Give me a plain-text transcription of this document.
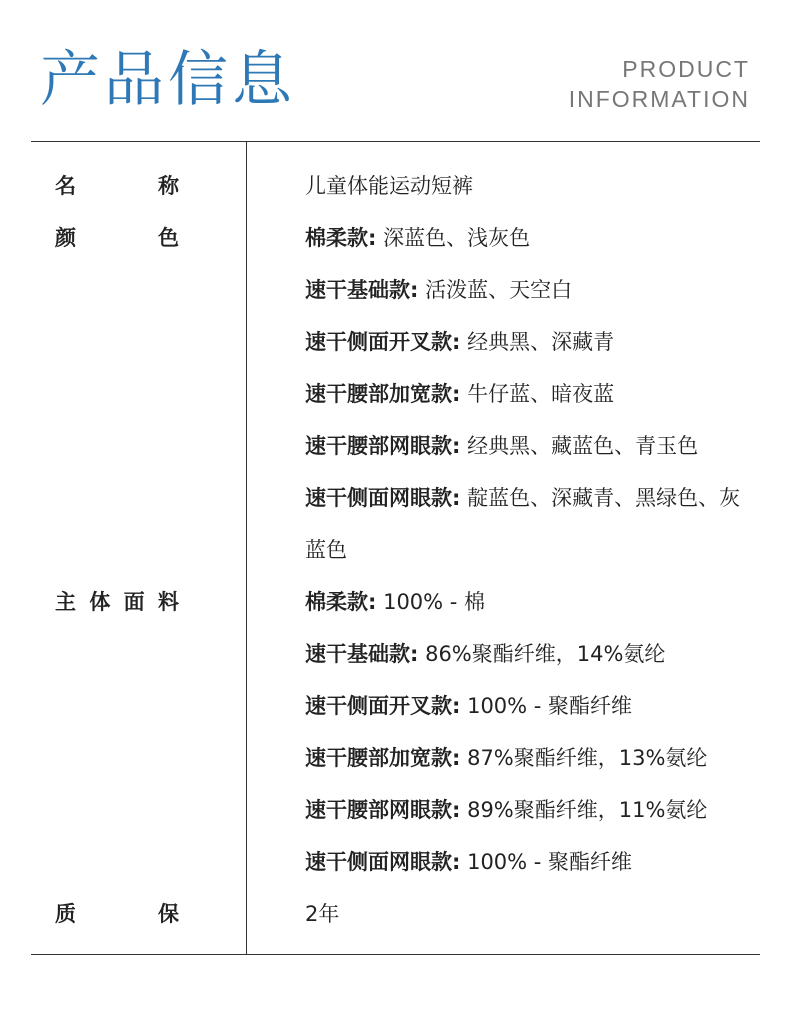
产品信息	PRODUCT
INFORMATION
名	称	儿童体能运动短裤
颜	色	棉柔款: 深蓝色、浅灰色
速干基础款: 活泼蓝、天空白
速干侧面开叉款: 经典黑、深藏青
速干腰部加宽款: 牛仔蓝、暗夜蓝
速干腰部网眼款: 经典黑、藏蓝色、青玉色
速干侧面网眼款: 靛蓝色、深藏青、黑绿色、灰
蓝色
主 体 面 料	棉柔款: 100% - 棉
速干基础款: 86%聚酯纤维，14%氨纶
速干侧面开叉款: 100% - 聚酯纤维
速干腰部加宽款: 87%聚酯纤维，13%氨纶
速干腰部网眼款: 89%聚酯纤维，11%氨纶
速干侧面网眼款: 100% - 聚酯纤维
质	保	2年
